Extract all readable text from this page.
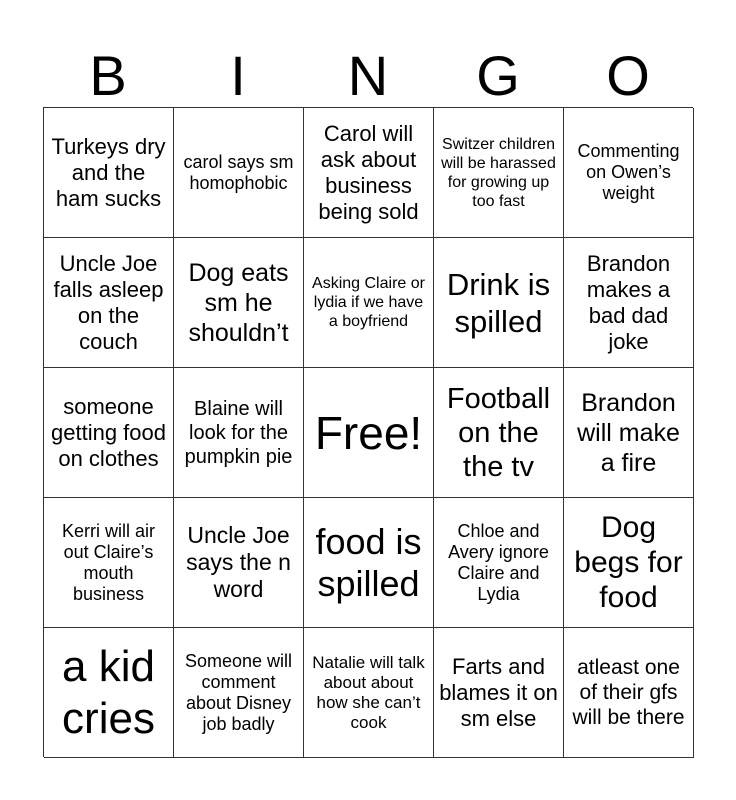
B	I	N	G	O
Turkeys dry and the ham sucks
carol says sm homophobic
Carol will ask about business being sold
Switzer children will be harassed for growing up too fast
Commenting on Owen’s weight
Uncle Joe falls asleep on the couch
Dog eats sm he shouldn’t
Asking Claire or lydia if we have a boyfriend
Drink is spilled
Brandon makes a bad dad joke
someone getting food on clothes
Blaine will look for the pumpkin pie Free!
Football on the the tv
Brandon will make a fire
Kerri will air out Claire’s mouth business
Uncle Joe says the n word
food is spilled
Chloe and Avery ignore Claire and Lydia
Dog begs for food
a kid cries
Someone will comment about Disney job badly
Natalie will talk about about how she can’t cook
Farts and blames it on sm else
atleast one of their gfs will be there
